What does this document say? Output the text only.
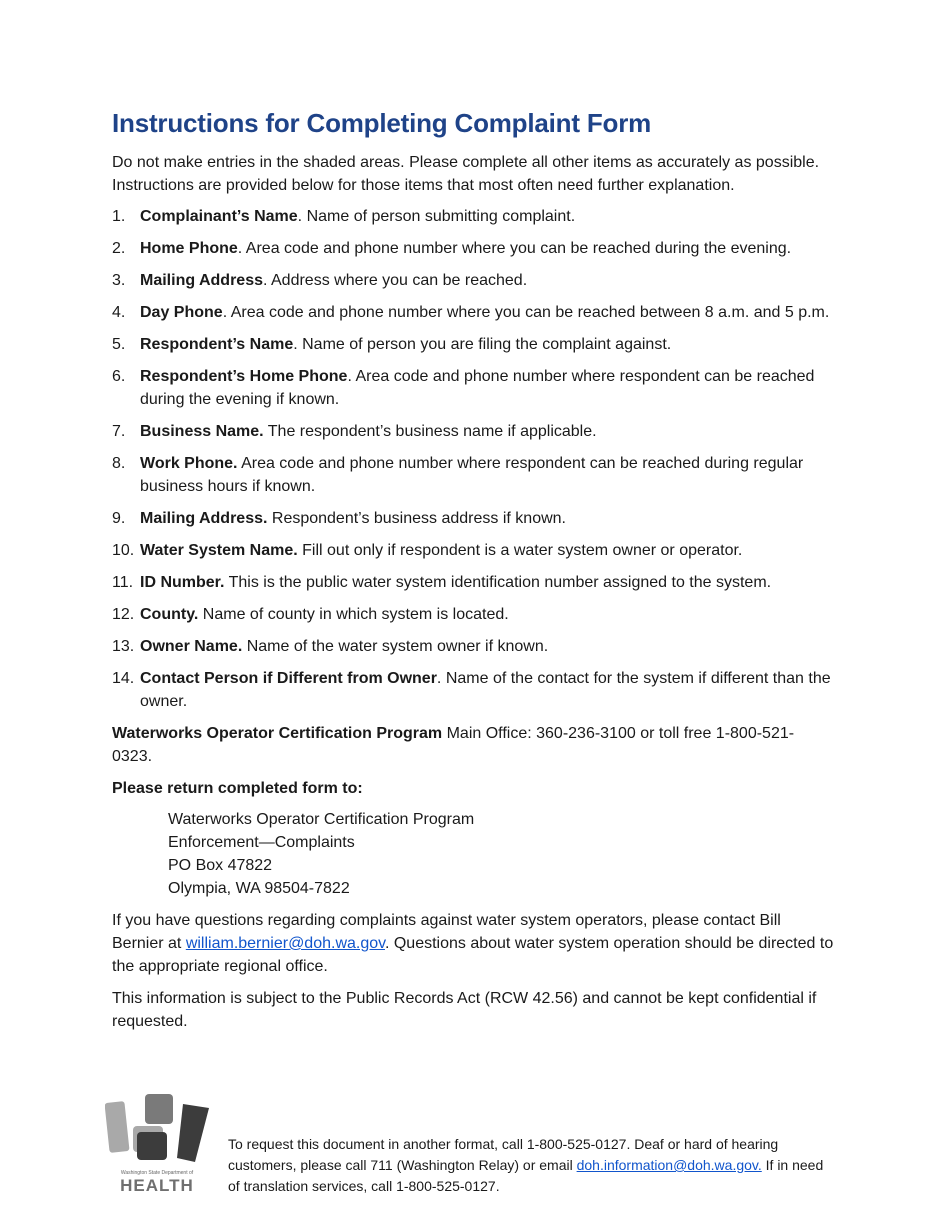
Instructions for Completing Complaint Form

Do not make entries in the shaded areas. Please complete all other items as accurately as possible. Instructions are provided below for those items that most often need further explanation.

1. Complainant’s Name. Name of person submitting complaint.
2. Home Phone. Area code and phone number where you can be reached during the evening.
3. Mailing Address. Address where you can be reached.
4. Day Phone. Area code and phone number where you can be reached between 8 a.m. and 5 p.m.
5. Respondent’s Name. Name of person you are filing the complaint against.
6. Respondent’s Home Phone. Area code and phone number where respondent can be reached during the evening if known.
7. Business Name. The respondent’s business name if applicable.
8. Work Phone. Area code and phone number where respondent can be reached during regular business hours if known.
9. Mailing Address. Respondent’s business address if known.
10. Water System Name. Fill out only if respondent is a water system owner or operator.
11. ID Number. This is the public water system identification number assigned to the system.
12. County. Name of county in which system is located.
13. Owner Name. Name of the water system owner if known.
14. Contact Person if Different from Owner. Name of the contact for the system if different than the owner.

Waterworks Operator Certification Program Main Office: 360-236-3100 or toll free 1-800-521-0323.

Please return completed form to:

Waterworks Operator Certification Program
Enforcement—Complaints
PO Box 47822
Olympia, WA 98504-7822

If you have questions regarding complaints against water system operators, please contact Bill Bernier at william.bernier@doh.wa.gov. Questions about water system operation should be directed to the appropriate regional office.

This information is subject to the Public Records Act (RCW 42.56) and cannot be kept confidential if requested.

Washington State Department of
HEALTH
To request this document in another format, call 1-800-525-0127. Deaf or hard of hearing customers, please call 711 (Washington Relay) or email doh.information@doh.wa.gov. If in need of translation services, call 1-800-525-0127.
